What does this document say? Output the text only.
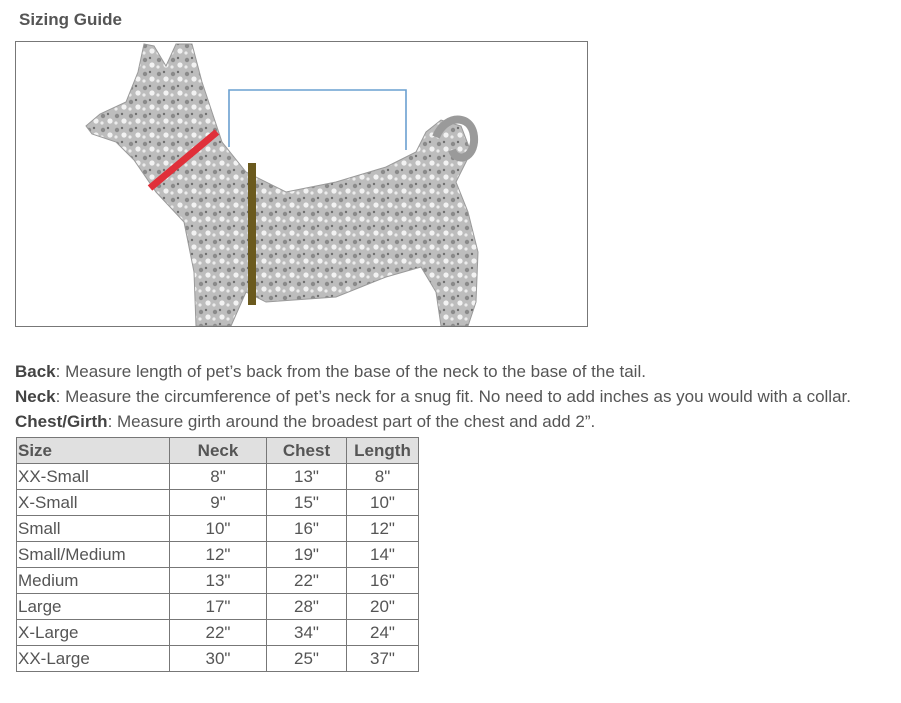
Sizing Guide
Back: Measure length of pet’s back from the base of the neck to the base of the tail.
Neck: Measure the circumference of pet’s neck for a snug fit. No need to add inches as you would with a collar.
Chest/Girth: Measure girth around the broadest part of the chest and add 2”.
Size	Neck	Chest	Length
XX-Small	8"	13"	8"
X-Small	9"	15"	10"
Small	10"	16"	12"
Small/Medium	12"	19"	14"
Medium	13"	22"	16"
Large	17"	28"	20"
X-Large	22"	34"	24"
XX-Large	30"	25"	37"
